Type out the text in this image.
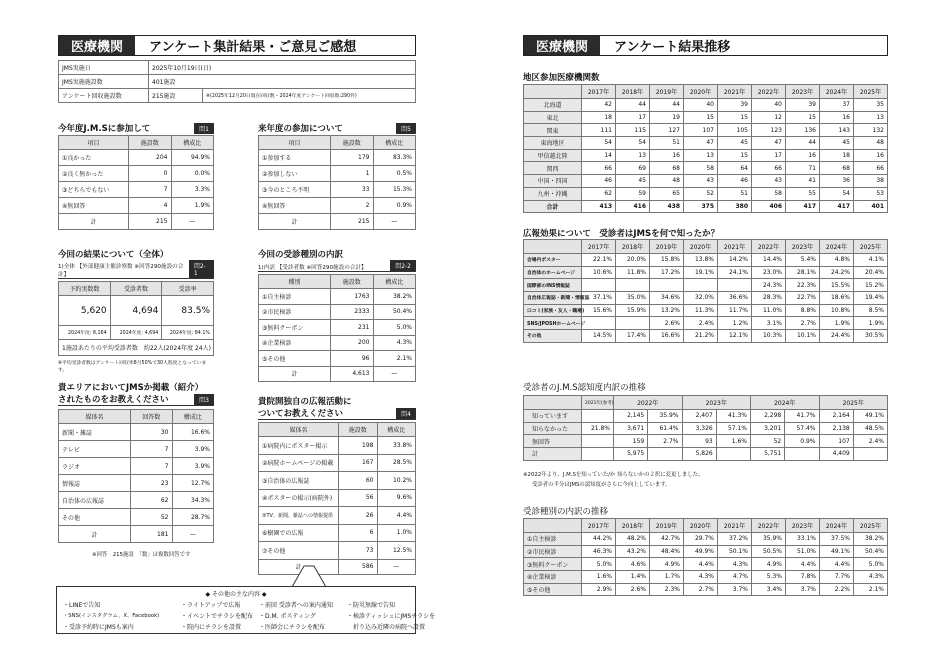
医療機関	アンケート集計結果・ご意見ご感想
JMS実施日	2025年10月19日(日)	
JMS実施施設数	401施設	
アンケート回収施設数	215施設	※(2025年12月20日現在回収数・2024年度アンケート回収数:290件)
今年度J.M.Sに参加して	問1
項目	施設数	構成比
①良かった	204	94.9%
②良く無かった	0	0.0%
③どちらでもない	7	3.3%
④無回答	4	1.9%
計	215	—
来年度の参加について	問5
項目	施設数	構成比
①参加する	179	83.3%
②参加しない	1	0.5%
③今のところ不明	33	15.3%
④無回答	2	0.9%
計	215	—
今回の結果について（全体）
1)全体 【外部健康主催診察数 ※回答290施設の合計】
問2-1
予約実数数	受診者数	受診率
5,620	4,694	83.5%
2024年度: 8,164	2024年度: 4,694	2024年度: 84.1%
1施設あたりの平均受診者数　約22人(2024年度 24人)		
※平均受診者数はアンケート回収率8月50%で30人程度となっています。
今回の受診種別の内訳
1)内訳 【受診者数 ※回答290施設の合計】	問2-2
種別	施設数	構成比
①自主検診	1763	38.2%
②市民検診	2333	50.4%
③無料クーポン	231	5.0%
④企業検診	200	4.3%
⑤その他	96	2.1%
計	4,613	—
貴エリアにおいてJMSか掲載（紹介）
されたものをお教えください	問3
媒体名	回答数	構成比
新聞・雑誌	30	16.6%
テレビ	7	3.9%
ラジオ	7	3.9%
情報誌	23	12.7%
自治体の広報誌	62	34.3%
その他	52	28.7%
計	181	—
※回答　215施設　「数」は複数回答です
貴院開独自の広報活動に
ついてお教えください	問4
媒体名	施設数	構成比
①病院内にポスター掲示	198	33.8%
②病院ホームページの掲載	167	28.5%
③自治体の広報誌	60	10.2%
④ポスターの掲示(病院外)	56	9.6%
⑤TV、新聞、雑誌への情報提供	26	4.4%
⑥樹園での広報	6	1.0%
⑦その他	73	12.5%
計	586	—
◆ その他の主な内容 ◆
・LINEで告知	・ライトアップで広報	・前回 受診者への案内通知	・防災無線で告知
・SNS(インスタグラム、X、Facebook)	・イベントでチラシを配布 ・D.M. ポスティング	・検診ティッシュにJMSチラシを
・受診予約時にJMSも案内	・院内にチラシを設置	・医師会にチラシを配布	　折り込み近隣の病院へ設置
医療機関	アンケート結果推移
地区参加医療機関数
	2017年	2018年	2019年	2020年	2021年	2022年	2023年	2024年	2025年
北海道	42	44	44	40	39	40	39	37	35
東北	18	17	19	15	15	12	15	16	13
関東	111	115	127	107	105	123	136	143	132
東海地区	54	54	51	47	45	47	44	45	48
甲信越北陸	14	13	16	13	15	17	16	18	16
関西	66	69	68	58	64	66	71	68	66
中国・四国	46	45	48	43	46	43	41	36	38
九州・沖縄	62	59	65	52	51	58	55	54	53
合計	413	416	438	375	380	406	417	417	401
広報効果について　受診者はJMSを何で知ったか？
	2017年	2018年	2019年	2020年	2021年	2022年	2023年	2024年	2025年
会場内ポスター	22.1%	20.0%	15.8%	13.8%	14.2%	14.4%	5.4%	4.8%	4.1%
自治体のホームページ	10.6%	11.8%	17.2%	19.1%	24.1%	23.0%	28.1%	24.2%	20.4%
国際部のINS情報誌						24.3%	22.3%	15.5%	15.2%
自治体広報誌・新聞・情報誌	37.1%	35.0%	34.6%	32.0%	36.6%	28.3%	22.7%	18.6%	19.4%
口コミ(家族・友人・職場)	15.6%	15.9%	13.2%	11.3%	11.7%	11.0%	8.8%	10.8%	8.5%
SNS/JPOSHホームページ			2.6%	2.4%	1.2%	3.1%	2.7%	1.9%	1.9%
その他	14.5%	17.4%	16.6%	21.2%	12.1%	10.3%	10.1%	24.4%	30.5%
受診者のJ.M.S認知度内訳の推移
	2021年(参考)	2022年		2023年		2024年		2025年	
知っています		2,145	35.9%	2,407	41.3%	2,298	41.7%	2,164	49.1%
知らなかった	21.8%	3,671	61.4%	3,326	57.1%	3,201	57.4%	2,138	48.5%
無回答		159	2.7%	93	1.6%	52	0.9%	107	2.4%
計		5,975		5,826		5,751		4,409	
※2022年より、J.M.Sを知っていた/か 知らないかの２択に変更しました。
受診者の半分はJMSの認知度がさらに今向上しています。
受診種別の内訳の推移
	2017年	2018年	2019年	2020年	2021年	2022年	2023年	2024年	2025年
①自主検診	44.2%	48.2%	42.7%	29.7%	37.2%	35.9%	33.1%	37.5%	38.2%
②市民検診	46.3%	43.2%	48.4%	49.9%	50.1%	50.5%	51.0%	49.1%	50.4%
③無料クーポン	5.0%	4.6%	4.9%	4.4%	4.3%	4.9%	4.4%	4.4%	5.0%
④企業検診	1.6%	1.4%	1.7%	4.3%	4.7%	5.3%	7.8%	7.7%	4.3%
⑤その他	2.9%	2.6%	2.3%	2.7%	3.7%	3.4%	3.7%	2.2%	2.1%
